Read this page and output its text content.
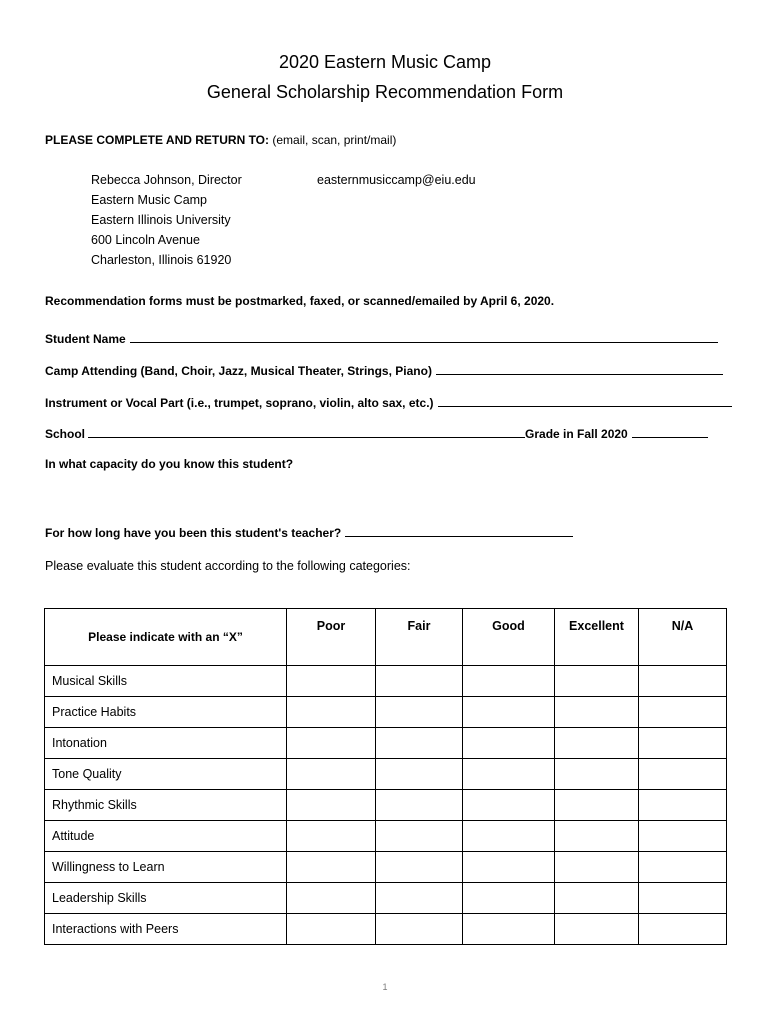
2020 Eastern Music Camp
General Scholarship Recommendation Form
PLEASE COMPLETE AND RETURN TO: (email, scan, print/mail)
Rebecca Johnson, Director
Eastern Music Camp
Eastern Illinois University
600 Lincoln Avenue
Charleston, Illinois 61920
easternmusiccamp@eiu.edu
Recommendation forms must be postmarked, faxed, or scanned/emailed by April 6, 2020.
Student Name
Camp Attending (Band, Choir, Jazz, Musical Theater, Strings, Piano)
Instrument or Vocal Part (i.e., trumpet, soprano, violin, alto sax, etc.)
School	Grade in Fall 2020
In what capacity do you know this student?
For how long have you been this student's teacher?
Please evaluate this student according to the following categories:
Please indicate with an “X”	Poor	Fair	Good	Excellent	N/A
Musical Skills					
Practice Habits					
Intonation					
Tone Quality					
Rhythmic Skills					
Attitude					
Willingness to Learn					
Leadership Skills					
Interactions with Peers					
1
